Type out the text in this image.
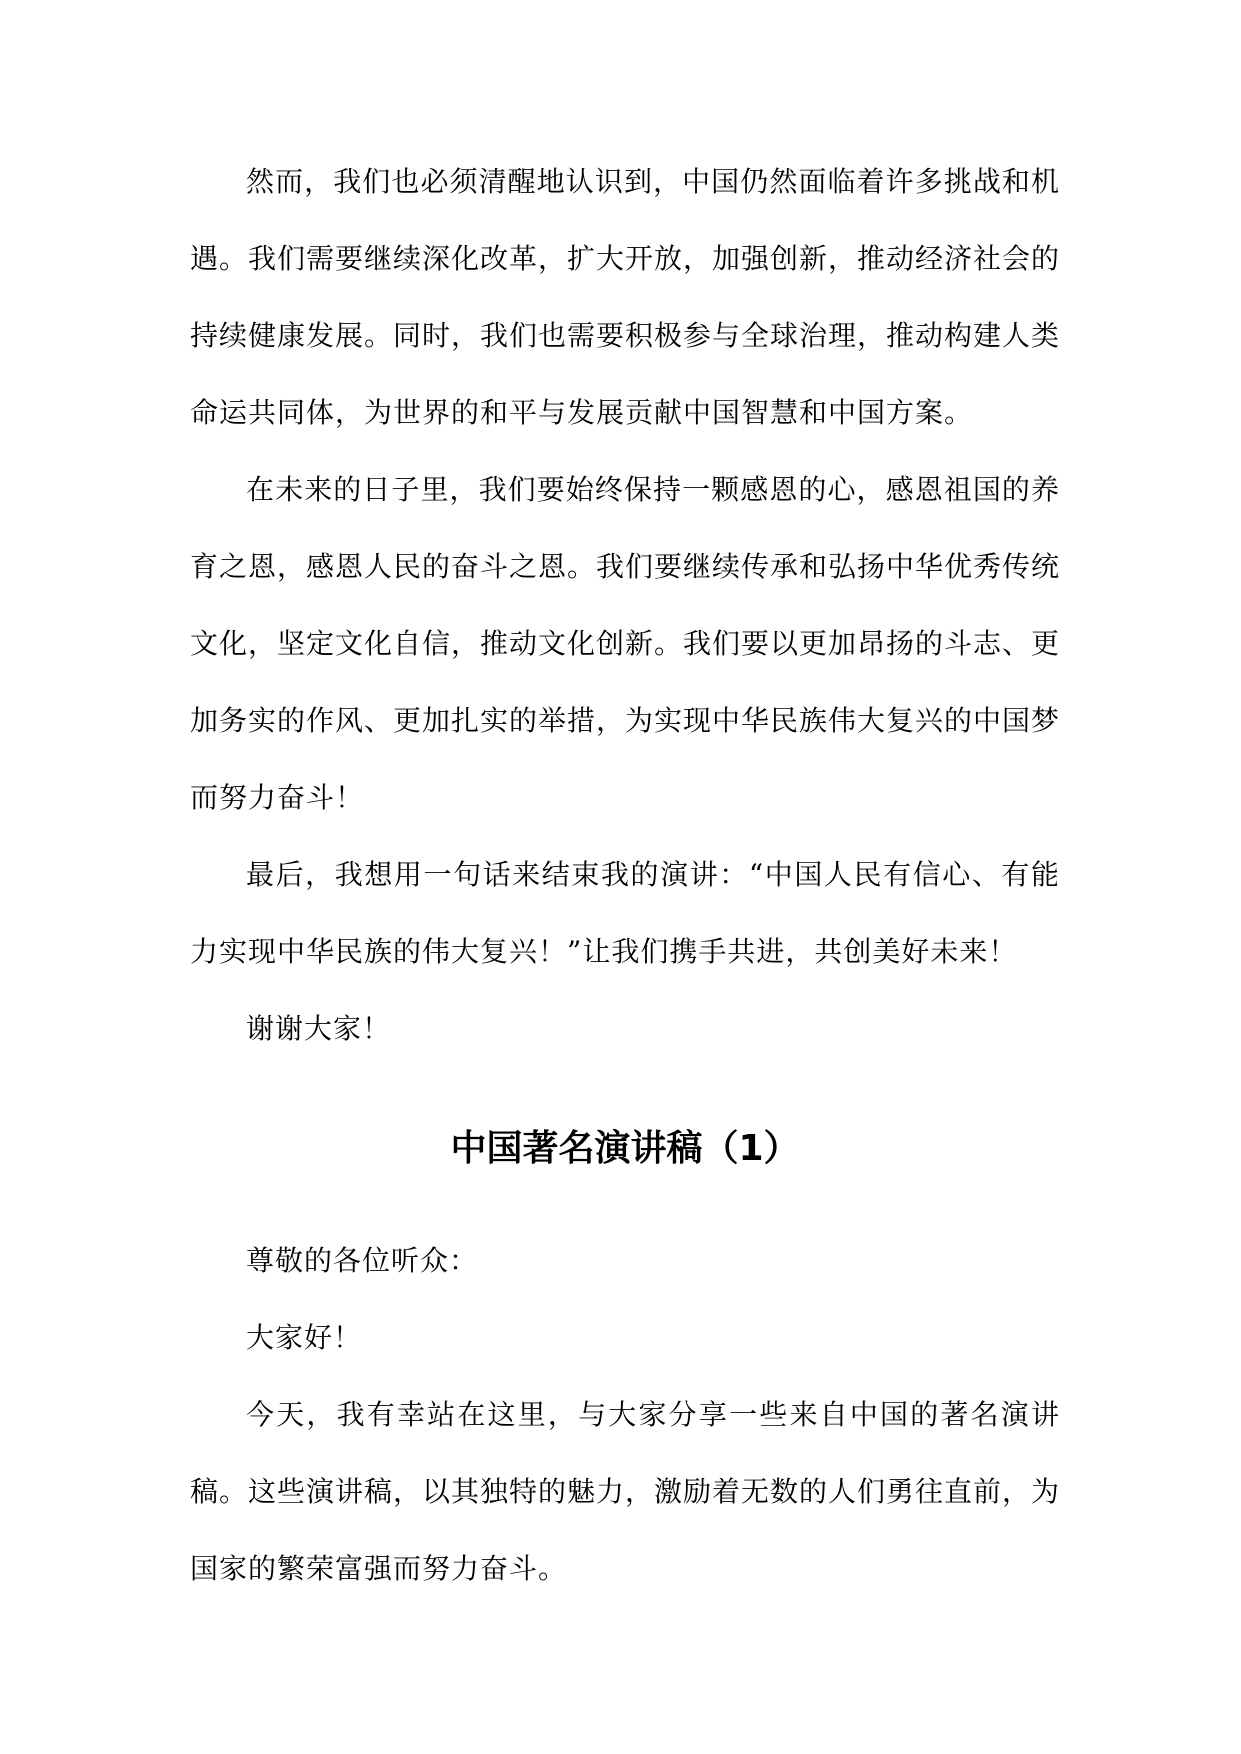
然而，我们也必须清醒地认识到，中国仍然面临着许多挑战和机遇。我们需要继续深化改革，扩大开放，加强创新，推动经济社会的持续健康发展。同时，我们也需要积极参与全球治理，推动构建人类命运共同体，为世界的和平与发展贡献中国智慧和中国方案。

在未来的日子里，我们要始终保持一颗感恩的心，感恩祖国的养育之恩，感恩人民的奋斗之恩。我们要继续传承和弘扬中华优秀传统文化，坚定文化自信，推动文化创新。我们要以更加昂扬的斗志、更加务实的作风、更加扎实的举措，为实现中华民族伟大复兴的中国梦而努力奋斗！

最后，我想用一句话来结束我的演讲：“中国人民有信心、有能力实现中华民族的伟大复兴！”让我们携手共进，共创美好未来！

谢谢大家！

中国著名演讲稿（1）

尊敬的各位听众：

大家好！

今天，我有幸站在这里，与大家分享一些来自中国的著名演讲稿。这些演讲稿，以其独特的魅力，激励着无数的人们勇往直前，为国家的繁荣富强而努力奋斗。
